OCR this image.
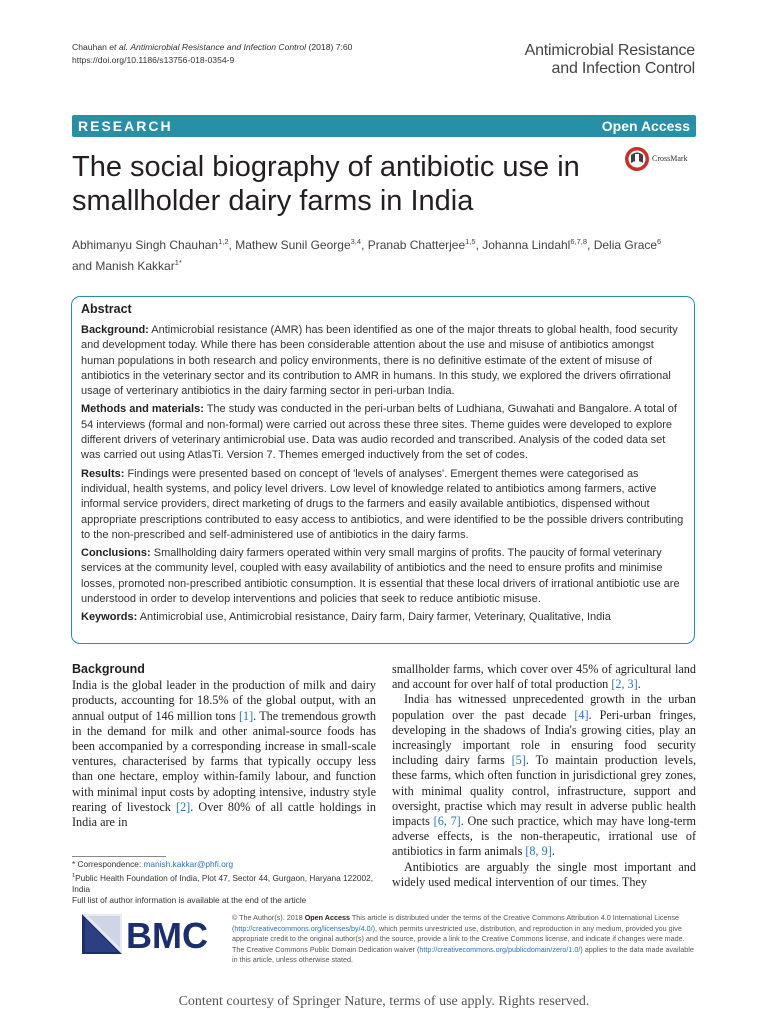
Chauhan et al. Antimicrobial Resistance and Infection Control (2018) 7:60
https://doi.org/10.1186/s13756-018-0354-9
Antimicrobial Resistance
and Infection Control
RESEARCH	Open Access
The social biography of antibiotic use in smallholder dairy farms in India
CrossMark
Abhimanyu Singh Chauhan$^{1,2}$, Mathew Sunil George$^{3,4}$, Pranab Chatterjee$^{1,5}$, Johanna Lindahl$^{6,7,8}$, Delia Grace$^6$
and Manish Kakkar$^{1*}$
Abstract

Background: Antimicrobial resistance (AMR) has been identified as one of the major threats to global health, food security and development today. While there has been considerable attention about the use and misuse of antibiotics amongst human populations in both research and policy environments, there is no definitive estimate of the extent of misuse of antibiotics in the veterinary sector and its contribution to AMR in humans. In this study, we explored the drivers ofirrational usage of verterinary antibiotics in the dairy farming sector in peri-urban India.

Methods and materials: The study was conducted in the peri-urban belts of Ludhiana, Guwahati and Bangalore. A total of 54 interviews (formal and non-formal) were carried out across these three sites. Theme guides were developed to explore different drivers of veterinary antimicrobial use. Data was audio recorded and transcribed. Analysis of the coded data set was carried out using AtlasTi. Version 7. Themes emerged inductively from the set of codes.

Results: Findings were presented based on concept of 'levels of analyses'. Emergent themes were categorised as individual, health systems, and policy level drivers. Low level of knowledge related to antibiotics among farmers, active informal service providers, direct marketing of drugs to the farmers and easily available antibiotics, dispensed without appropriate prescriptions contributed to easy access to antibiotics, and were identified to be the possible drivers contributing to the non-prescribed and self-administered use of antibiotics in the dairy farms.

Conclusions: Smallholding dairy farmers operated within very small margins of profits. The paucity of formal veterinary services at the community level, coupled with easy availability of antibiotics and the need to ensure profits and minimise losses, promoted non-prescribed antibiotic consumption. It is essential that these local drivers of irrational antibiotic use are understood in order to develop interventions and policies that seek to reduce antibiotic misuse.

Keywords: Antimicrobial use, Antimicrobial resistance, Dairy farm, Dairy farmer, Veterinary, Qualitative, India

Background

India is the global leader in the production of milk and dairy products, accounting for 18.5% of the global output, with an annual output of 146 million tons [1]. The tremendous growth in the demand for milk and other animal-source foods has been accompanied by a corresponding increase in small-scale ventures, characterised by farms that typically occupy less than one hectare, employ within-family labour, and function with minimal input costs by adopting intensive, industry style rearing of livestock [2]. Over 80% of all cattle holdings in India are in

smallholder farms, which cover over 45% of agricultural land and account for over half of total production [2, 3].

India has witnessed unprecedented growth in the urban population over the past decade [4]. Peri-urban fringes, developing in the shadows of India's growing cities, play an increasingly important role in ensuring food security including dairy farms [5]. To maintain production levels, these farms, which often function in jurisdictional grey zones, with minimal quality control, infrastructure, support and oversight, practise which may result in adverse public health impacts [6, 7]. One such practice, which may have long-term adverse effects, is the non-therapeutic, irrational use of antibiotics in farm animals [8, 9].

Antibiotics are arguably the single most important and widely used medical intervention of our times. They

* Correspondence: manish.kakkar@phfi.org
$^1$Public Health Foundation of India, Plot 47, Sector 44, Gurgaon, Haryana 122002, India
Full list of author information is available at the end of the article
BMC	© The Author(s). 2018 Open Access This article is distributed under the terms of the Creative Commons Attribution 4.0 International License (http://creativecommons.org/licenses/by/4.0/), which permits unrestricted use, distribution, and reproduction in any medium, provided you give appropriate credit to the original author(s) and the source, provide a link to the Creative Commons license, and indicate if changes were made. The Creative Commons Public Domain Dedication waiver (http://creativecommons.org/publicdomain/zero/1.0/) applies to the data made available in this article, unless otherwise stated.
Content courtesy of Springer Nature, terms of use apply. Rights reserved.
